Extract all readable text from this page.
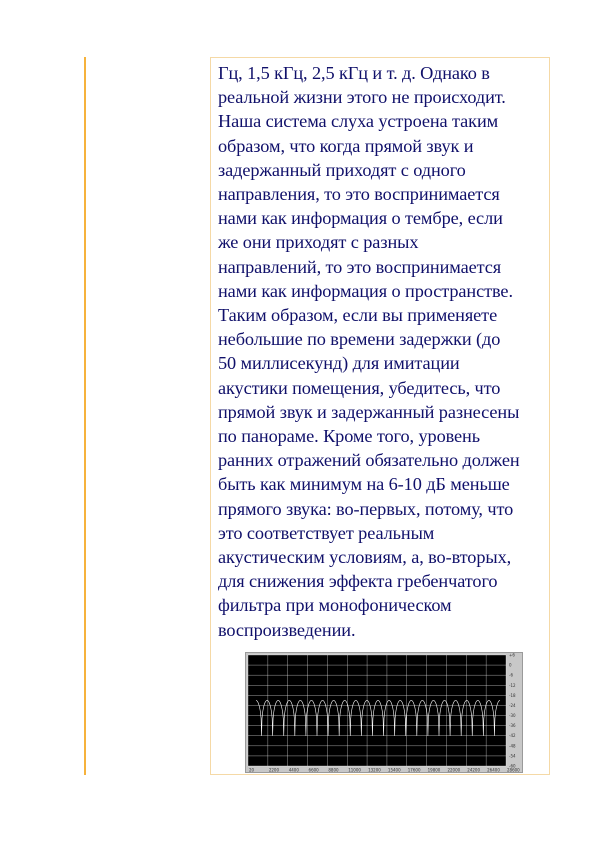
Гц, 1,5 кГц, 2,5 кГц и т. д. Однако в
реальной жизни этого не происходит.
Наша система слуха устроена таким
образом, что когда прямой звук и
задержанный приходят с одного
направления, то это воспринимается
нами как информация о тембре, если
же они приходят с разных
направлений, то это воспринимается
нами как информация о пространстве.
Таким образом, если вы применяете
небольшие по времени задержки (до
50 миллисекунд) для имитации
акустики помещения, убедитесь, что
прямой звук и задержанный разнесены
по панораме. Кроме того, уровень
ранних отражений обязательно должен
быть как минимум на 6-10 дБ меньше
прямого звука: во-первых, потому, что
это соответствует реальным
акустическим условиям, а, во-вторых,
для снижения эффекта гребенчатого
фильтра при монофоническом
воспроизведении.
+6
0
-6
-12
-18
-24
-30
-36
-42
-48
-54
-60
20	2200 4400 6600 8800 11000 13200 15400 17600 19800 22000 24200 26400 28600
